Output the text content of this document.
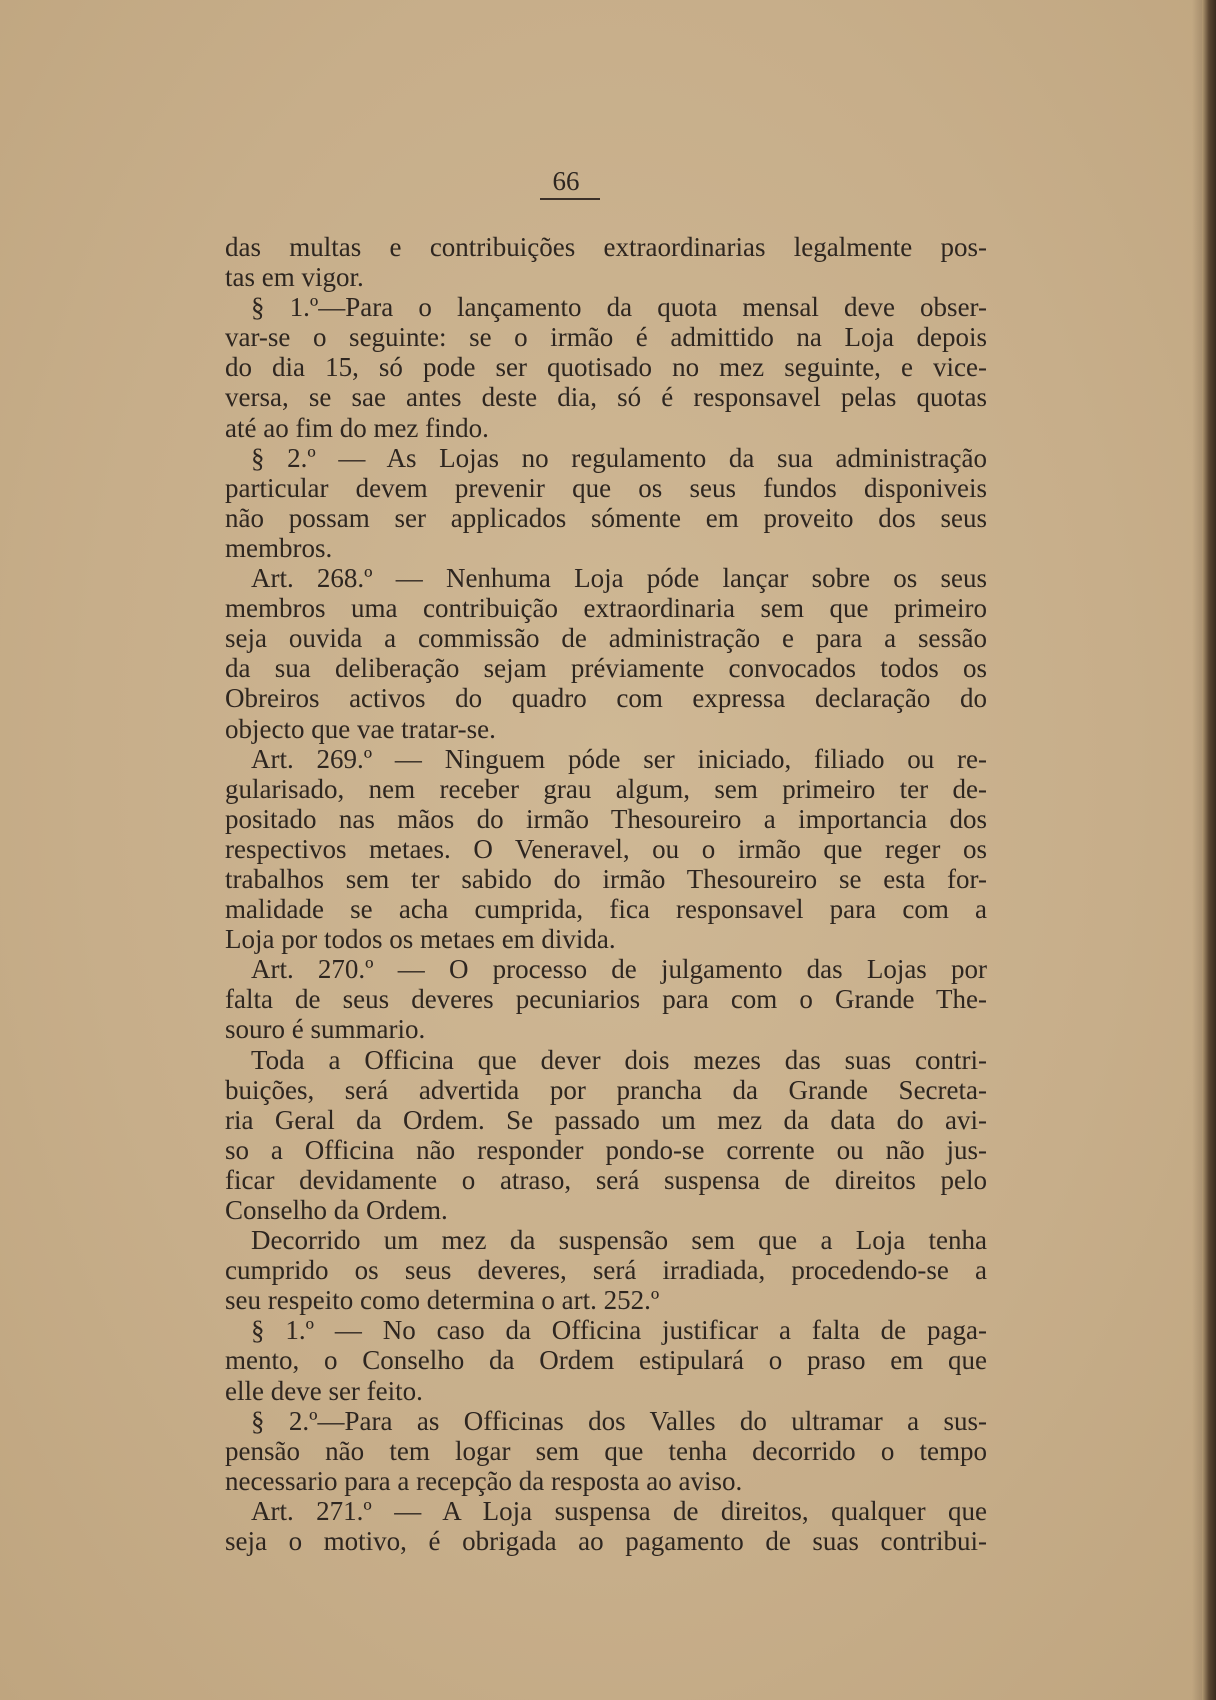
66
das multas e contribuições extraordinarias legalmente pos-
tas em vigor.
§ 1.º—Para o lançamento da quota mensal deve obser-
var-se o seguinte: se o irmão é admittido na Loja depois
do dia 15, só pode ser quotisado no mez seguinte, e vice-
versa, se sae antes deste dia, só é responsavel pelas quotas
até ao fim do mez findo.
§ 2.º — As Lojas no regulamento da sua administração
particular devem prevenir que os seus fundos disponiveis
não possam ser applicados sómente em proveito dos seus
membros.
Art. 268.º — Nenhuma Loja póde lançar sobre os seus
membros uma contribuição extraordinaria sem que primeiro
seja ouvida a commissão de administração e para a sessão
da sua deliberação sejam préviamente convocados todos os
Obreiros activos do quadro com expressa declaração do
objecto que vae tratar-se.
Art. 269.º — Ninguem póde ser iniciado, filiado ou re-
gularisado, nem receber grau algum, sem primeiro ter de-
positado nas mãos do irmão Thesoureiro a importancia dos
respectivos metaes. O Veneravel, ou o irmão que reger os
trabalhos sem ter sabido do irmão Thesoureiro se esta for-
malidade se acha cumprida, fica responsavel para com a
Loja por todos os metaes em divida.
Art. 270.º — O processo de julgamento das Lojas por
falta de seus deveres pecuniarios para com o Grande The-
souro é summario.
Toda a Officina que dever dois mezes das suas contri-
buições, será advertida por prancha da Grande Secreta-
ria Geral da Ordem. Se passado um mez da data do avi-
so a Officina não responder pondo-se corrente ou não jus-
ficar devidamente o atraso, será suspensa de direitos pelo
Conselho da Ordem.
Decorrido um mez da suspensão sem que a Loja tenha
cumprido os seus deveres, será irradiada, procedendo-se a
seu respeito como determina o art. 252.º
§ 1.º — No caso da Officina justificar a falta de paga-
mento, o Conselho da Ordem estipulará o praso em que
elle deve ser feito.
§ 2.º—Para as Officinas dos Valles do ultramar a sus-
pensão não tem logar sem que tenha decorrido o tempo
necessario para a recepção da resposta ao aviso.
Art. 271.º — A Loja suspensa de direitos, qualquer que
seja o motivo, é obrigada ao pagamento de suas contribui-
